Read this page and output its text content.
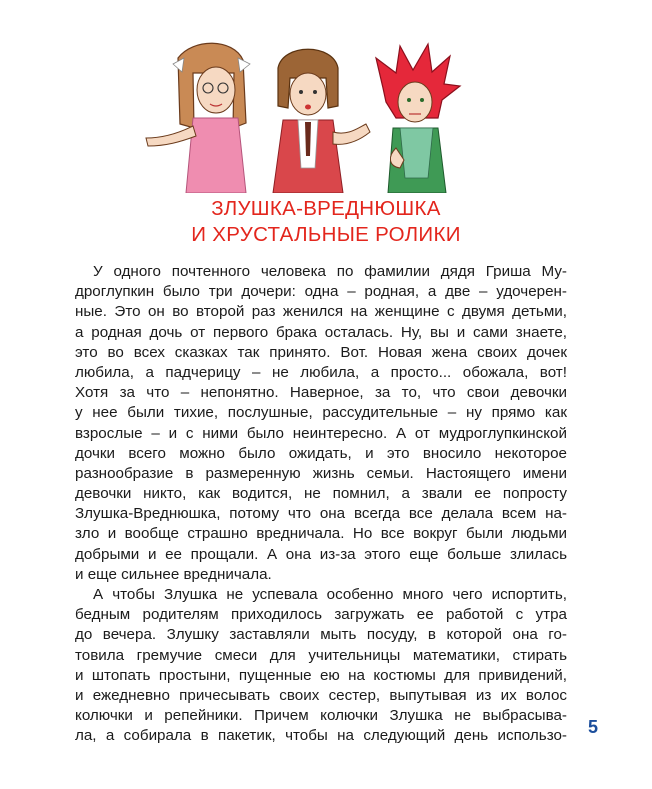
ЗЛУШКА-ВРЕДНЮШКА
И ХРУСТАЛЬНЫЕ РОЛИКИ
У одного почтенного человека по фамилии дядя Гриша Му-
дроглупкин было три дочери: одна – родная, а две – удочерен-
ные. Это он во второй раз женился на женщине с двумя детьми,
а родная дочь от первого брака осталась. Ну, вы и сами знаете,
это во всех сказках так принято. Вот. Новая жена своих дочек
любила, а падчерицу – не любила, а просто... обожала, вот!
Хотя за что – непонятно. Наверное, за то, что свои девочки
у нее были тихие, послушные, рассудительные – ну прямо как
взрослые – и с ними было неинтересно. А от мудроглупкинской
дочки всего можно было ожидать, и это вносило некоторое
разнообразие в размеренную жизнь семьи. Настоящего имени
девочки никто, как водится, не помнил, а звали ее попросту
Злушка-Вреднюшка, потому что она всегда все делала всем на-
зло и вообще страшно вредничала. Но все вокруг были людьми
добрыми и ее прощали. А она из-за этого еще больше злилась
и еще сильнее вредничала.
А чтобы Злушка не успевала особенно много чего испортить,
бедным родителям приходилось загружать ее работой с утра
до вечера. Злушку заставляли мыть посуду, в которой она го-
товила гремучие смеси для учительницы математики, стирать
и штопать простыни, пущенные ею на костюмы для привидений,
и ежедневно причесывать своих сестер, выпутывая из их волос
колючки и репейники. Причем колючки Злушка не выбрасыва-
ла, а собирала в пакетик, чтобы на следующий день использо- 5
